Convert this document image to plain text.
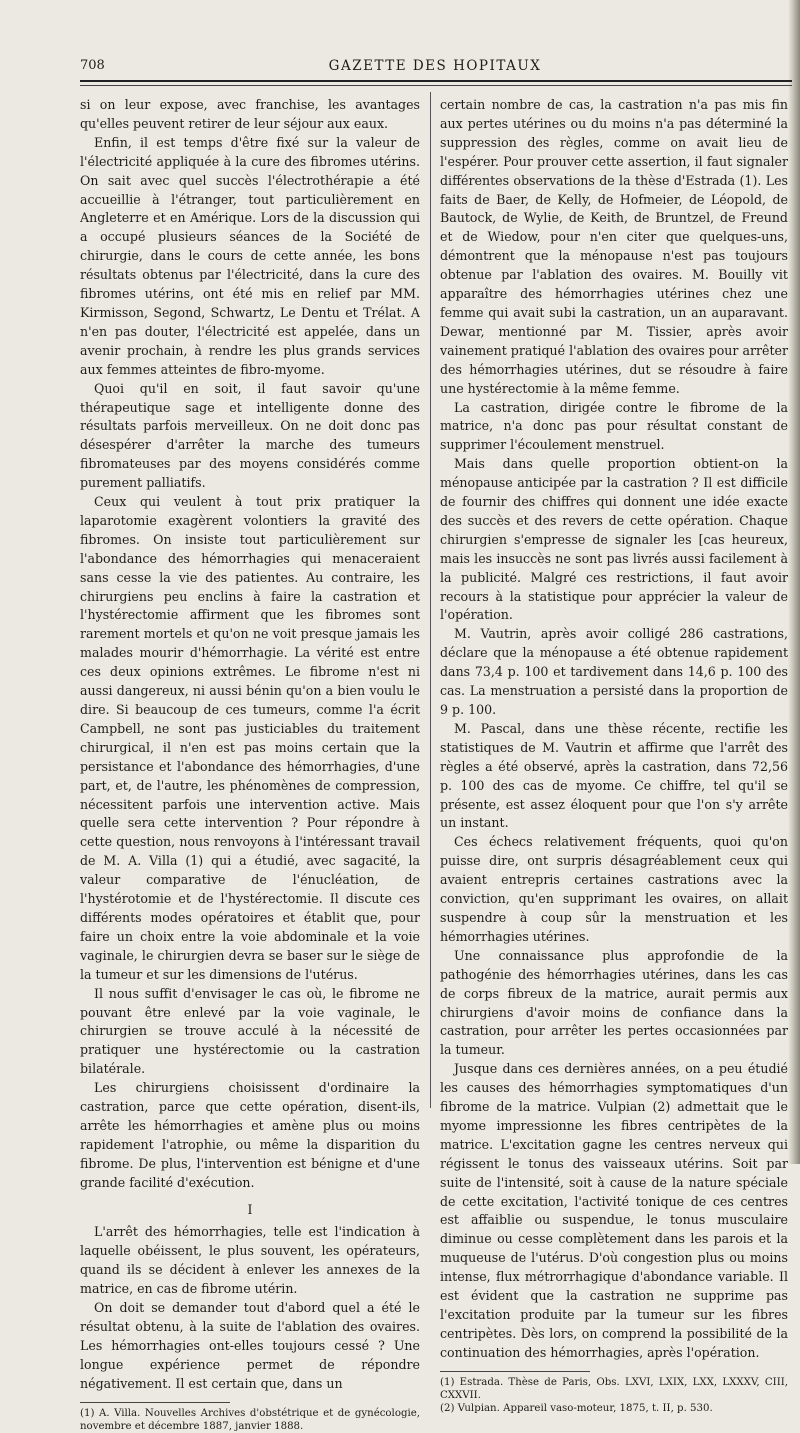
708	GAZETTE DES HOPITAUX

si on leur expose, avec franchise, les avantages qu'elles peuvent retirer de leur séjour aux eaux.

Enfin, il est temps d'être fixé sur la valeur de l'électricité appliquée à la cure des fibromes utérins. On sait avec quel succès l'électrothérapie a été accueillie à l'étranger, tout particulièrement en Angleterre et en Amérique. Lors de la discussion qui a occupé plusieurs séances de la Société de chirurgie, dans le cours de cette année, les bons résultats obtenus par l'électricité, dans la cure des fibromes utérins, ont été mis en relief par MM. Kirmisson, Segond, Schwartz, Le Dentu et Trélat. A n'en pas douter, l'électricité est appelée, dans un avenir prochain, à rendre les plus grands services aux femmes atteintes de fibro-myome.

Quoi qu'il en soit, il faut savoir qu'une thérapeutique sage et intelligente donne des résultats parfois merveilleux. On ne doit donc pas désespérer d'arrêter la marche des tumeurs fibromateuses par des moyens considérés comme purement palliatifs.

Ceux qui veulent à tout prix pratiquer la laparotomie exagèrent volontiers la gravité des fibromes. On insiste tout particulièrement sur l'abondance des hémorrhagies qui menaceraient sans cesse la vie des patientes. Au contraire, les chirurgiens peu enclins à faire la castration et l'hystérectomie affirment que les fibromes sont rarement mortels et qu'on ne voit presque jamais les malades mourir d'hémorrhagie. La vérité est entre ces deux opinions extrêmes. Le fibrome n'est ni aussi dangereux, ni aussi bénin qu'on a bien voulu le dire. Si beaucoup de ces tumeurs, comme l'a écrit Campbell, ne sont pas justiciables du traitement chirurgical, il n'en est pas moins certain que la persistance et l'abondance des hémorrhagies, d'une part, et, de l'autre, les phénomènes de compression, nécessitent parfois une intervention active. Mais quelle sera cette intervention ? Pour répondre à cette question, nous renvoyons à l'intéressant travail de M. A. Villa (1) qui a étudié, avec sagacité, la valeur comparative de l'énucléation, de l'hystérotomie et de l'hystérectomie. Il discute ces différents modes opératoires et établit que, pour faire un choix entre la voie abdominale et la voie vaginale, le chirurgien devra se baser sur le siège de la tumeur et sur les dimensions de l'utérus.

Il nous suffit d'envisager le cas où, le fibrome ne pouvant être enlevé par la voie vaginale, le chirurgien se trouve acculé à la nécessité de pratiquer une hystérectomie ou la castration bilatérale.

Les chirurgiens choisissent d'ordinaire la castration, parce que cette opération, disent-ils, arrête les hémorrhagies et amène plus ou moins rapidement l'atrophie, ou même la disparition du fibrome. De plus, l'intervention est bénigne et d'une grande facilité d'exécution.

I

L'arrêt des hémorrhagies, telle est l'indication à laquelle obéissent, le plus souvent, les opérateurs, quand ils se décident à enlever les annexes de la matrice, en cas de fibrome utérin.

On doit se demander tout d'abord quel a été le résultat obtenu, à la suite de l'ablation des ovaires. Les hémorrhagies ont-elles toujours cessé ? Une longue expérience permet de répondre négativement. Il est certain que, dans un

(1) A. Villa. Nouvelles Archives d'obstétrique et de gynécologie, novembre et décembre 1887, janvier 1888.

certain nombre de cas, la castration n'a pas mis fin aux pertes utérines ou du moins n'a pas déterminé la suppression des règles, comme on avait lieu de l'espérer. Pour prouver cette assertion, il faut signaler différentes observations de la thèse d'Estrada (1). Les faits de Baer, de Kelly, de Hofmeier, de Léopold, de Bautock, de Wylie, de Keith, de Bruntzel, de Freund et de Wiedow, pour n'en citer que quelques-uns, démontrent que la ménopause n'est pas toujours obtenue par l'ablation des ovaires. M. Bouilly vit apparaître des hémorrhagies utérines chez une femme qui avait subi la castration, un an auparavant. Dewar, mentionné par M. Tissier, après avoir vainement pratiqué l'ablation des ovaires pour arrêter des hémorrhagies utérines, dut se résoudre à faire une hystérectomie à la même femme.

La castration, dirigée contre le fibrome de la matrice, n'a donc pas pour résultat constant de supprimer l'écoulement menstruel.

Mais dans quelle proportion obtient-on la ménopause anticipée par la castration ? Il est difficile de fournir des chiffres qui donnent une idée exacte des succès et des revers de cette opération. Chaque chirurgien s'empresse de signaler les [cas heureux, mais les insuccès ne sont pas livrés aussi facilement à la publicité. Malgré ces restrictions, il faut avoir recours à la statistique pour apprécier la valeur de l'opération.

M. Vautrin, après avoir colligé 286 castrations, déclare que la ménopause a été obtenue rapidement dans 73,4 p. 100 et tardivement dans 14,6 p. 100 des cas. La menstruation a persisté dans la proportion de 9 p. 100.

M. Pascal, dans une thèse récente, rectifie les statistiques de M. Vautrin et affirme que l'arrêt des règles a été observé, après la castration, dans 72,56 p. 100 des cas de myome. Ce chiffre, tel qu'il se présente, est assez éloquent pour que l'on s'y arrête un instant.

Ces échecs relativement fréquents, quoi qu'on puisse dire, ont surpris désagréablement ceux qui avaient entrepris certaines castrations avec la conviction, qu'en supprimant les ovaires, on allait suspendre à coup sûr la menstruation et les hémorrhagies utérines.

Une connaissance plus approfondie de la pathogénie des hémorrhagies utérines, dans les cas de corps fibreux de la matrice, aurait permis aux chirurgiens d'avoir moins de confiance dans la castration, pour arrêter les pertes occasionnées par la tumeur.

Jusque dans ces dernières années, on a peu étudié les causes des hémorrhagies symptomatiques d'un fibrome de la matrice. Vulpian (2) admettait que le myome impressionne les fibres centripètes de la matrice. L'excitation gagne les centres nerveux qui régissent le tonus des vaisseaux utérins. Soit par suite de l'intensité, soit à cause de la nature spéciale de cette excitation, l'activité tonique de ces centres est affaiblie ou suspendue, le tonus musculaire diminue ou cesse complètement dans les parois et la muqueuse de l'utérus. D'où congestion plus ou moins intense, flux métrorrhagique d'abondance variable. Il est évident que la castration ne supprime pas l'excitation produite par la tumeur sur les fibres centripètes. Dès lors, on comprend la possibilité de la continuation des hémorrhagies, après l'opération.

(1) Estrada. Thèse de Paris, Obs. LXVI, LXIX, LXX, LXXXV, CIII, CXXVII.

(2) Vulpian. Appareil vaso-moteur, 1875, t. II, p. 530.
